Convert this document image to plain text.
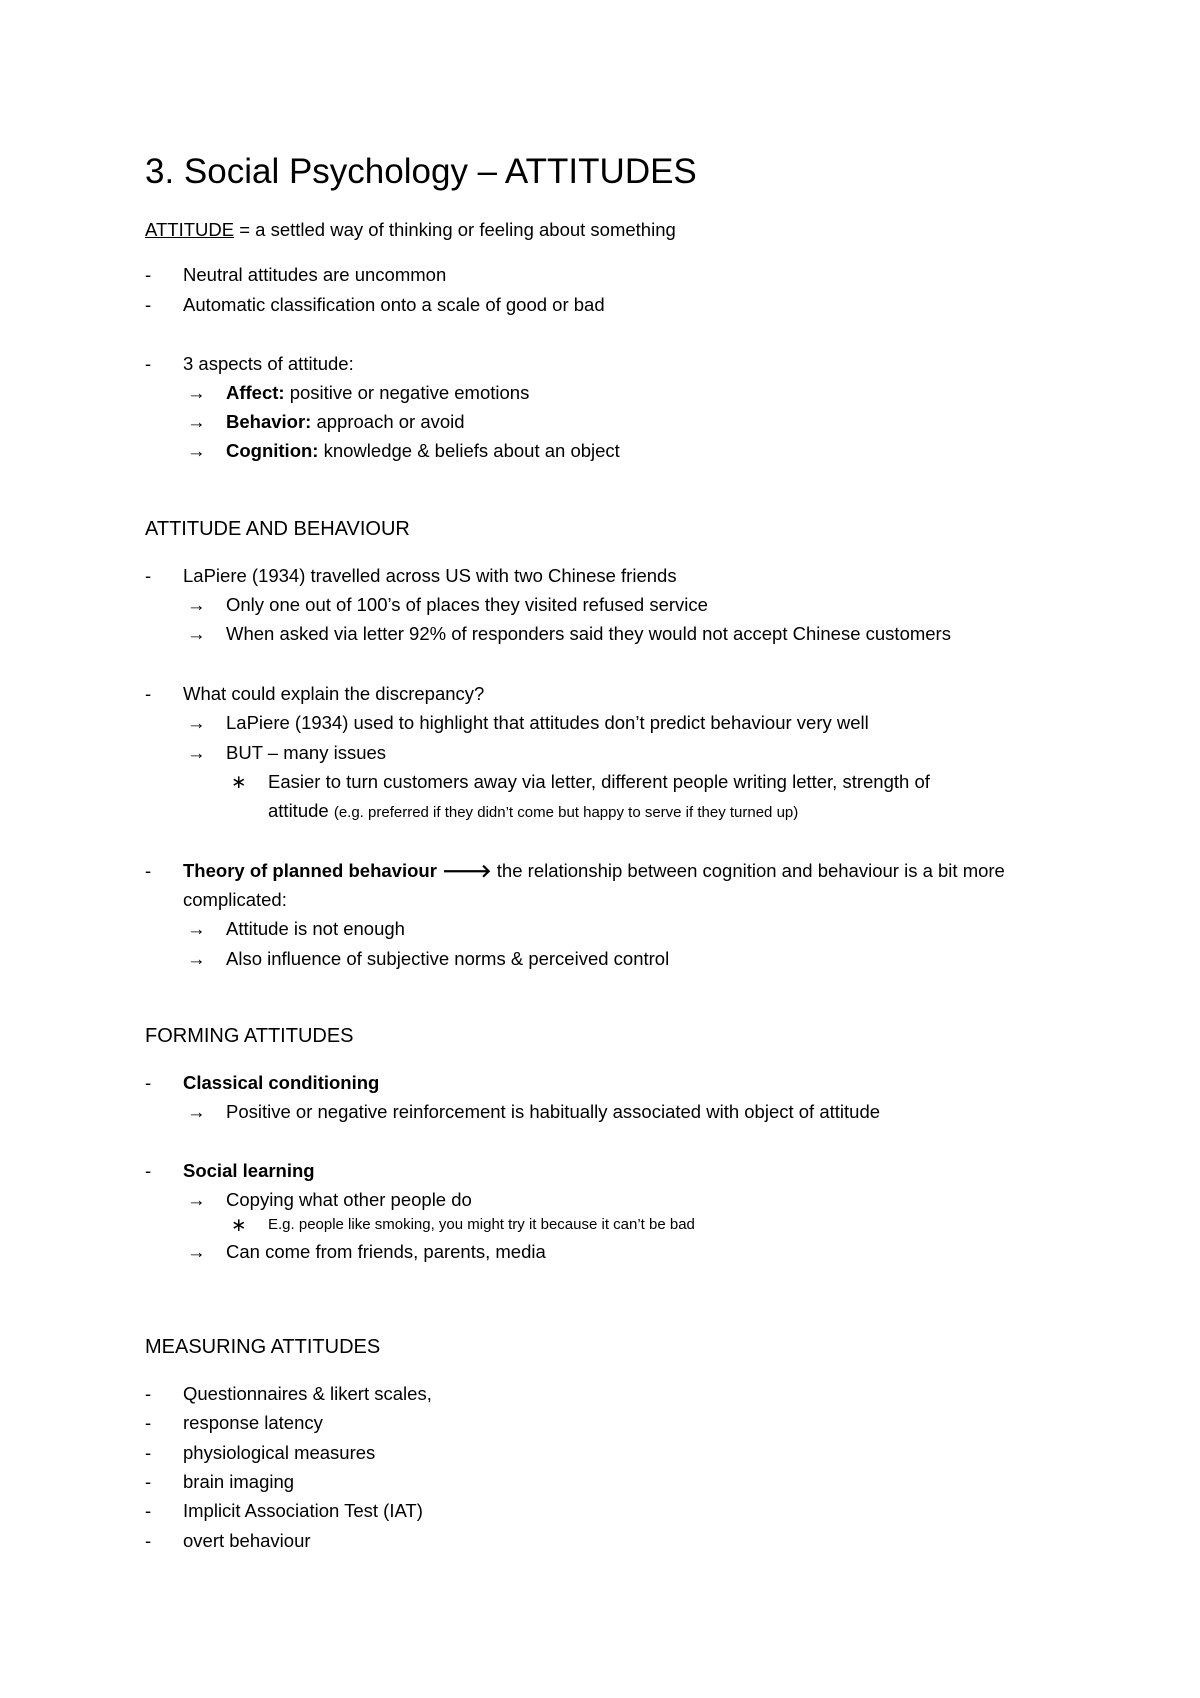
3. Social Psychology – ATTITUDES
ATTITUDE = a settled way of thinking or feeling about something
- Neutral attitudes are uncommon
- Automatic classification onto a scale of good or bad
- 3 aspects of attitude:
→ Affect: positive or negative emotions
→ Behavior: approach or avoid
→ Cognition: knowledge & beliefs about an object
ATTITUDE AND BEHAVIOUR
- LaPiere (1934) travelled across US with two Chinese friends
→ Only one out of 100’s of places they visited refused service
→ When asked via letter 92% of responders said they would not accept Chinese customers
- What could explain the discrepancy?
→ LaPiere (1934) used to highlight that attitudes don’t predict behaviour very well
→ BUT – many issues
∗ Easier to turn customers away via letter, different people writing letter, strength of
attitude (e.g. preferred if they didn’t come but happy to serve if they turned up)
- Theory of planned behaviour 🡒 the relationship between cognition and behaviour is a bit more
complicated:
→ Attitude is not enough
→ Also influence of subjective norms & perceived control
FORMING ATTITUDES
- Classical conditioning
→ Positive or negative reinforcement is habitually associated with object of attitude
- Social learning
→ Copying what other people do
∗ E.g. people like smoking, you might try it because it can’t be bad
→ Can come from friends, parents, media
MEASURING ATTITUDES
- Questionnaires & likert scales,
- response latency
- physiological measures
- brain imaging
- Implicit Association Test (IAT)
- overt behaviour
